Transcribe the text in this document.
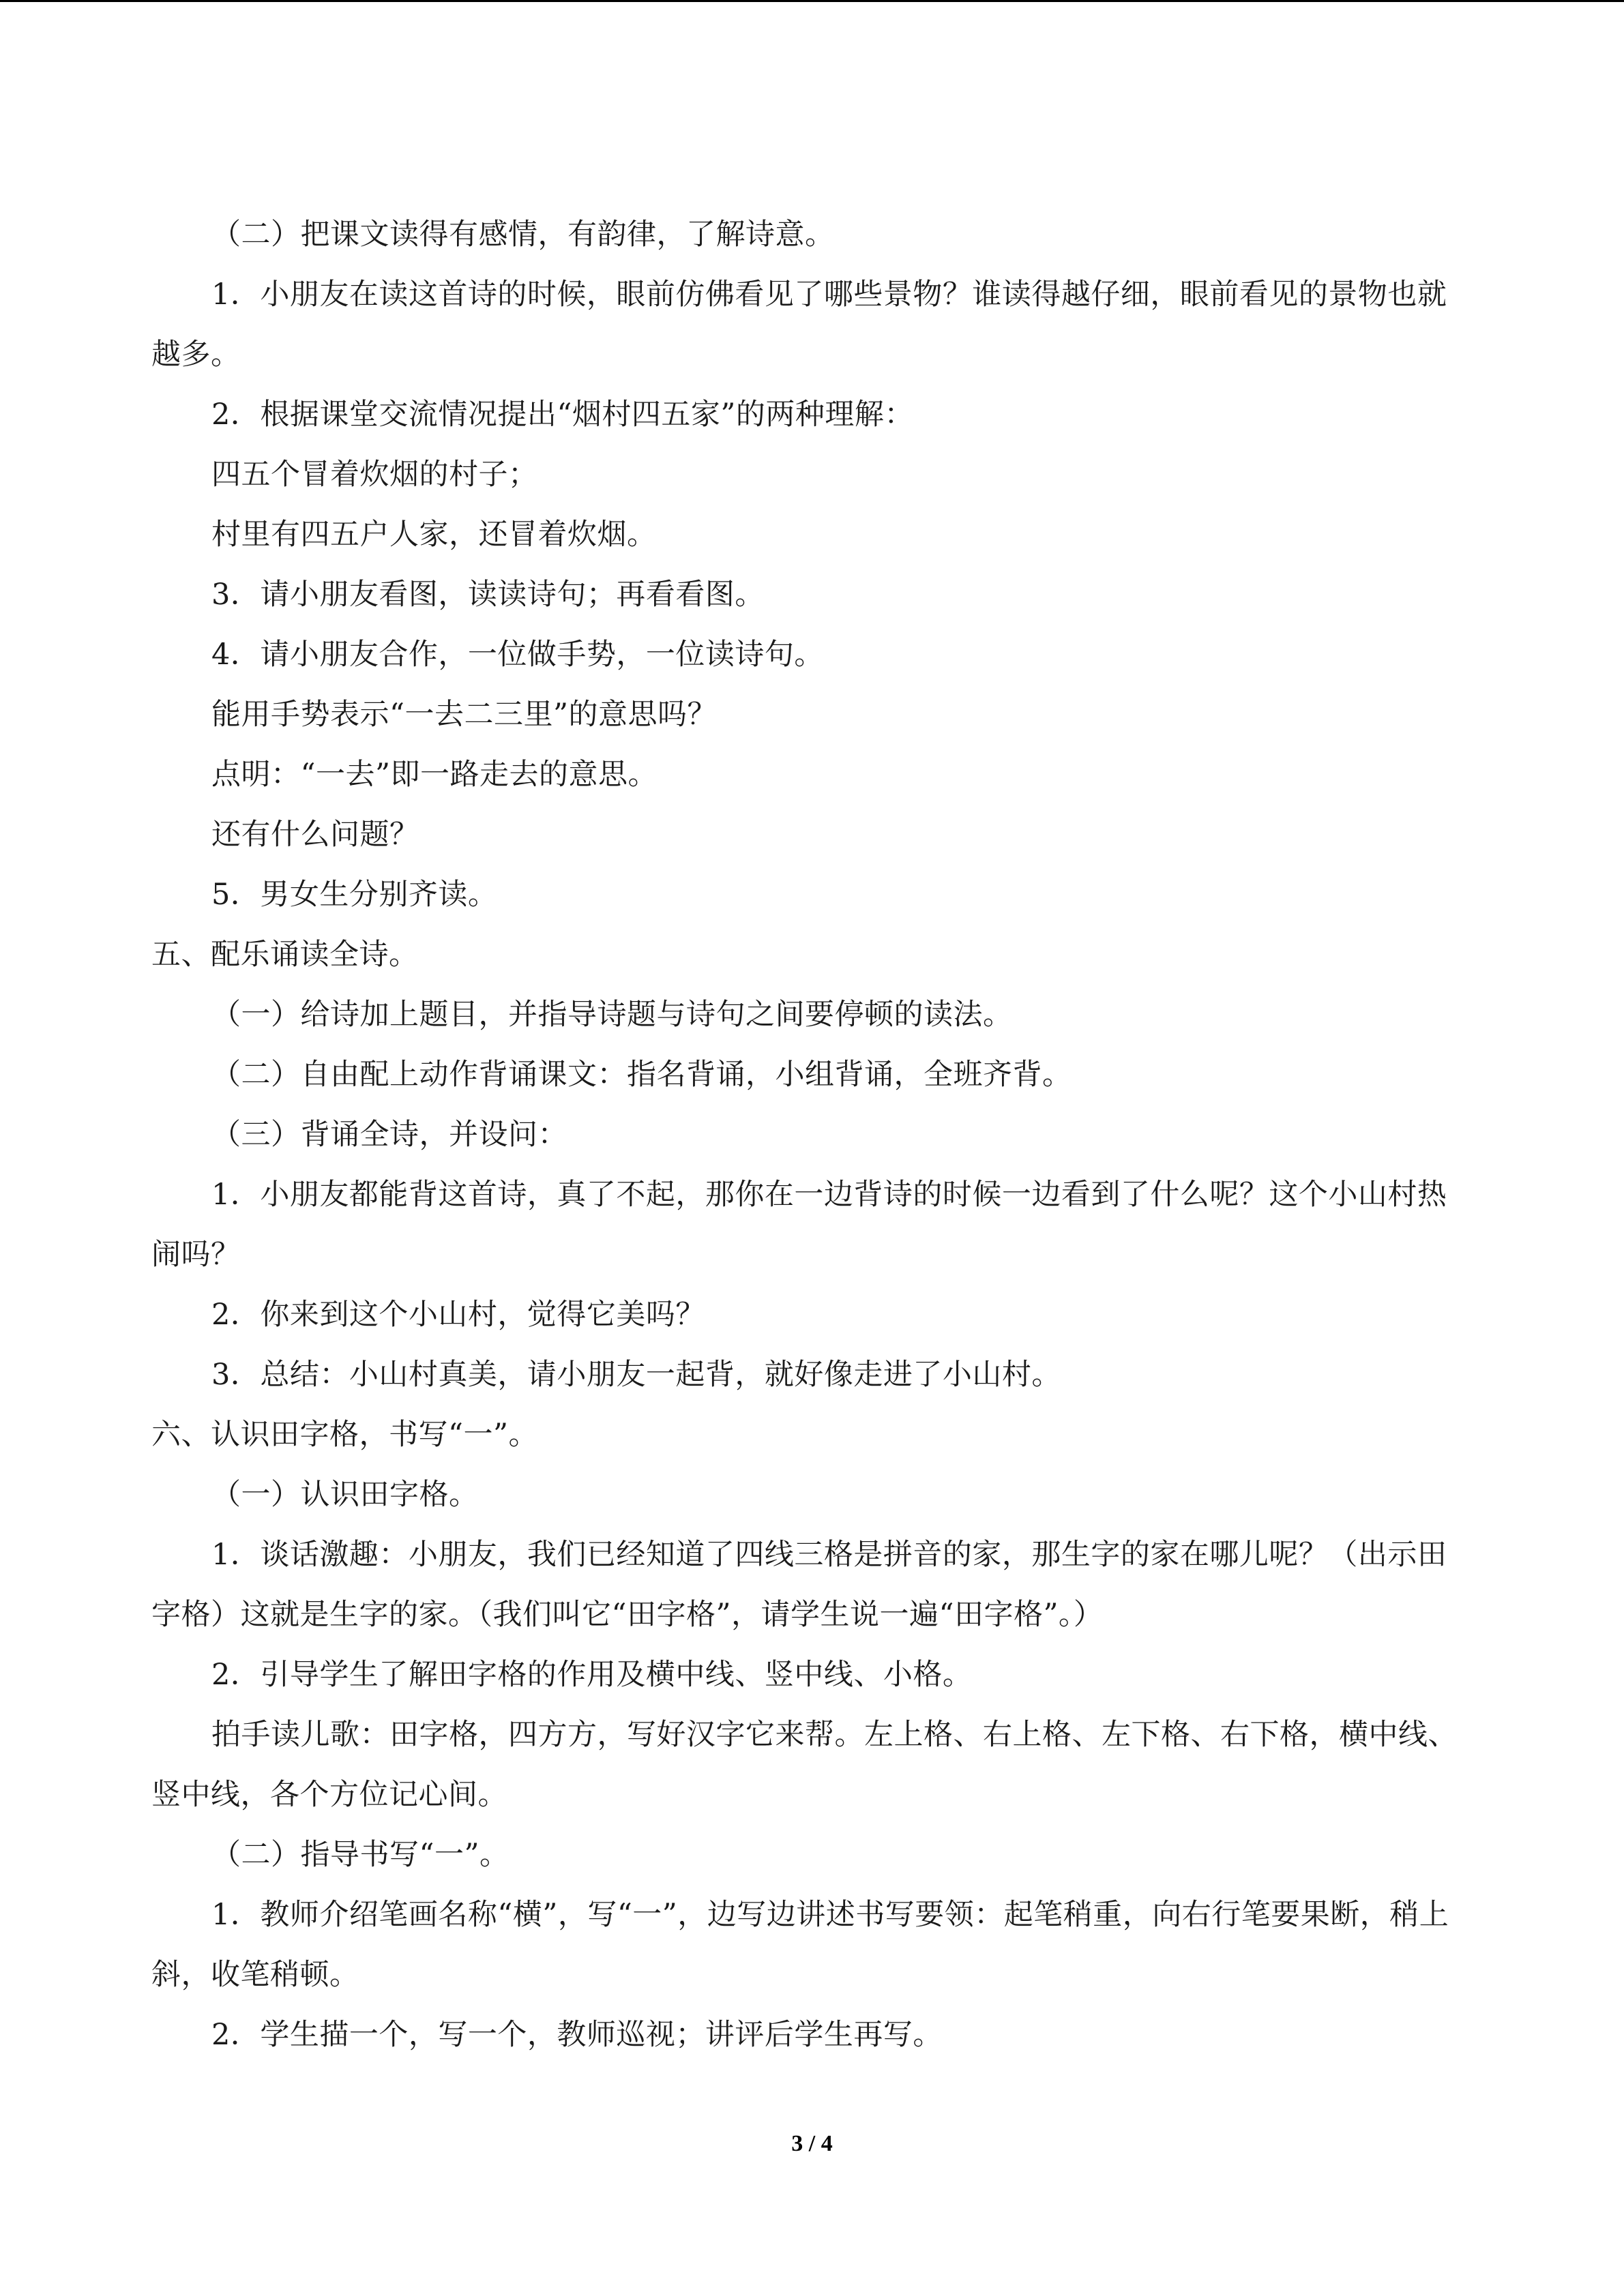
（二）把课文读得有感情，有韵律，了解诗意。
1．小朋友在读这首诗的时候，眼前仿佛看见了哪些景物？谁读得越仔细，眼前看见的景物也就越多。
2．根据课堂交流情况提出“烟村四五家”的两种理解：
四五个冒着炊烟的村子；
村里有四五户人家，还冒着炊烟。
3．请小朋友看图，读读诗句；再看看图。
4．请小朋友合作，一位做手势，一位读诗句。
能用手势表示“一去二三里”的意思吗？
点明：“一去”即一路走去的意思。
还有什么问题？
5．男女生分别齐读。
五、配乐诵读全诗。
（一）给诗加上题目，并指导诗题与诗句之间要停顿的读法。
（二）自由配上动作背诵课文：指名背诵，小组背诵，全班齐背。
（三）背诵全诗，并设问：
1．小朋友都能背这首诗，真了不起，那你在一边背诗的时候一边看到了什么呢？这个小山村热闹吗？
2．你来到这个小山村，觉得它美吗？
3．总结：小山村真美，请小朋友一起背，就好像走进了小山村。
六、认识田字格，书写“一”。
（一）认识田字格。
1．谈话激趣：小朋友，我们已经知道了四线三格是拼音的家，那生字的家在哪儿呢？（出示田字格）这就是生字的家。（我们叫它“田字格”，请学生说一遍“田字格”。）
2．引导学生了解田字格的作用及横中线、竖中线、小格。
拍手读儿歌：田字格，四方方，写好汉字它来帮。左上格、右上格、左下格、右下格，横中线、竖中线，各个方位记心间。
（二）指导书写“一”。
1．教师介绍笔画名称“横”，写“一”，边写边讲述书写要领：起笔稍重，向右行笔要果断，稍上斜，收笔稍顿。
2．学生描一个，写一个，教师巡视；讲评后学生再写。
3 / 4
